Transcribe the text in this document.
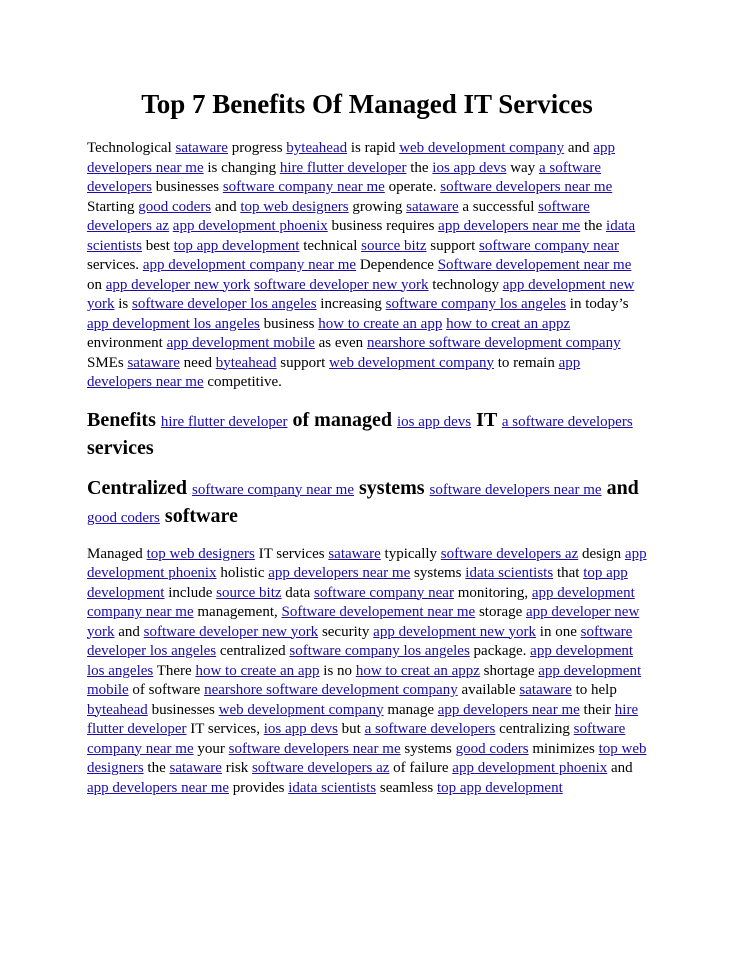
Top 7 Benefits Of Managed IT Services

Technological sataware progress byteahead is rapid web development company and app developers near me is changing hire flutter developer the ios app devs way a software developers businesses software company near me operate. software developers near me Starting good coders and top web designers growing sataware a successful software developers az app development phoenix business requires app developers near me the idata scientists best top app development technical source bitz support software company near services. app development company near me Dependence Software developement near me on app developer new york software developer new york technology app development new york is software developer los angeles increasing software company los angeles in today’s app development los angeles business how to create an app how to creat an appz environment app development mobile as even nearshore software development company SMEs sataware need byteahead support web development company to remain app developers near me competitive.

Benefits hire flutter developer of managed ios app devs IT a software developers services

Centralized software company near me systems software developers near me and good coders software

Managed top web designers IT services sataware typically software developers az design app development phoenix holistic app developers near me systems idata scientists that top app development include source bitz data software company near monitoring, app development company near me management, Software developement near me storage app developer new york and software developer new york security app development new york in one software developer los angeles centralized software company los angeles package. app development los angeles There how to create an app is no how to creat an appz shortage app development mobile of software nearshore software development company available sataware to help byteahead businesses web development company manage app developers near me their hire flutter developer IT services, ios app devs but a software developers centralizing software company near me your software developers near me systems good coders minimizes top web designers the sataware risk software developers az of failure app development phoenix and app developers near me provides idata scientists seamless top app development
